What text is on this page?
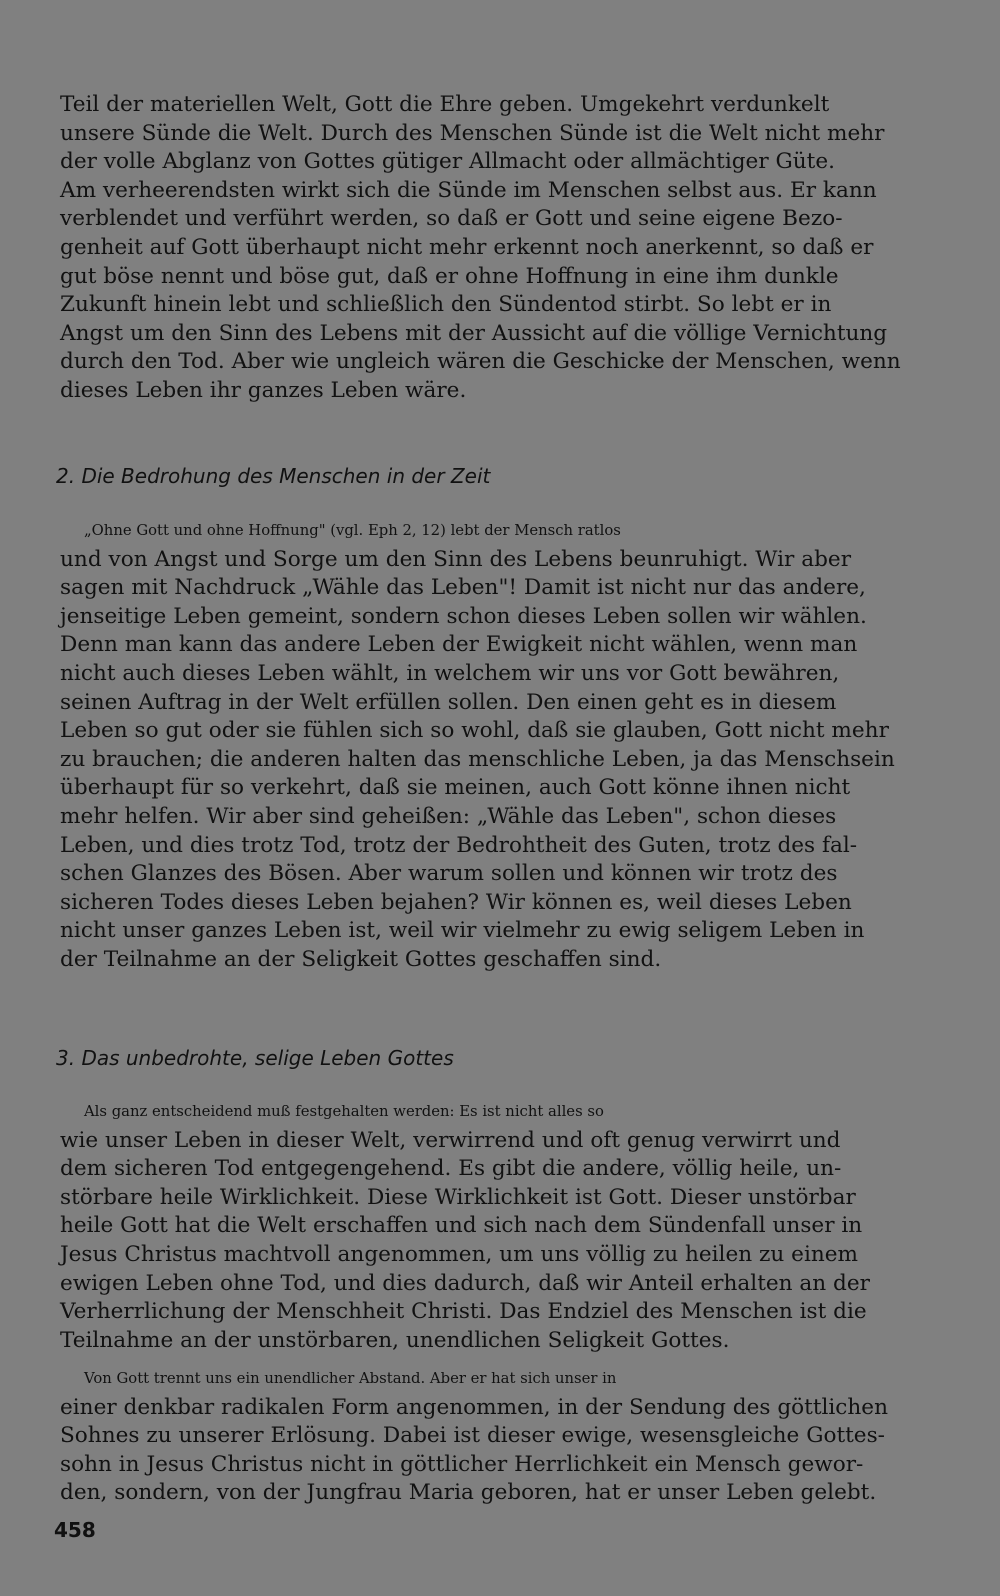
Teil der materiellen Welt, Gott die Ehre geben. Umgekehrt verdunkelt
unsere Sünde die Welt. Durch des Menschen Sünde ist die Welt nicht mehr
der volle Abglanz von Gottes gütiger Allmacht oder allmächtiger Güte.
Am verheerendsten wirkt sich die Sünde im Menschen selbst aus. Er kann
verblendet und verführt werden, so daß er Gott und seine eigene Bezo-
genheit auf Gott überhaupt nicht mehr erkennt noch anerkennt, so daß er
gut böse nennt und böse gut, daß er ohne Hoffnung in eine ihm dunkle
Zukunft hinein lebt und schließlich den Sündentod stirbt. So lebt er in
Angst um den Sinn des Lebens mit der Aussicht auf die völlige Vernichtung
durch den Tod. Aber wie ungleich wären die Geschicke der Menschen, wenn
dieses Leben ihr ganzes Leben wäre.

2. Die Bedrohung des Menschen in der Zeit

„Ohne Gott und ohne Hoffnung" (vgl. Eph 2, 12) lebt der Mensch ratlos
und von Angst und Sorge um den Sinn des Lebens beunruhigt. Wir aber
sagen mit Nachdruck „Wähle das Leben"! Damit ist nicht nur das andere,
jenseitige Leben gemeint, sondern schon dieses Leben sollen wir wählen.
Denn man kann das andere Leben der Ewigkeit nicht wählen, wenn man
nicht auch dieses Leben wählt, in welchem wir uns vor Gott bewähren,
seinen Auftrag in der Welt erfüllen sollen. Den einen geht es in diesem
Leben so gut oder sie fühlen sich so wohl, daß sie glauben, Gott nicht mehr
zu brauchen; die anderen halten das menschliche Leben, ja das Menschsein
überhaupt für so verkehrt, daß sie meinen, auch Gott könne ihnen nicht
mehr helfen. Wir aber sind geheißen: „Wähle das Leben", schon dieses
Leben, und dies trotz Tod, trotz der Bedrohtheit des Guten, trotz des fal-
schen Glanzes des Bösen. Aber warum sollen und können wir trotz des
sicheren Todes dieses Leben bejahen? Wir können es, weil dieses Leben
nicht unser ganzes Leben ist, weil wir vielmehr zu ewig seligem Leben in
der Teilnahme an der Seligkeit Gottes geschaffen sind.

3. Das unbedrohte, selige Leben Gottes

Als ganz entscheidend muß festgehalten werden: Es ist nicht alles so
wie unser Leben in dieser Welt, verwirrend und oft genug verwirrt und
dem sicheren Tod entgegengehend. Es gibt die andere, völlig heile, un-
störbare heile Wirklichkeit. Diese Wirklichkeit ist Gott. Dieser unstörbar
heile Gott hat die Welt erschaffen und sich nach dem Sündenfall unser in
Jesus Christus machtvoll angenommen, um uns völlig zu heilen zu einem
ewigen Leben ohne Tod, und dies dadurch, daß wir Anteil erhalten an der
Verherrlichung der Menschheit Christi. Das Endziel des Menschen ist die
Teilnahme an der unstörbaren, unendlichen Seligkeit Gottes.

Von Gott trennt uns ein unendlicher Abstand. Aber er hat sich unser in
einer denkbar radikalen Form angenommen, in der Sendung des göttlichen
Sohnes zu unserer Erlösung. Dabei ist dieser ewige, wesensgleiche Gottes-
sohn in Jesus Christus nicht in göttlicher Herrlichkeit ein Mensch gewor-
den, sondern, von der Jungfrau Maria geboren, hat er unser Leben gelebt.

458
